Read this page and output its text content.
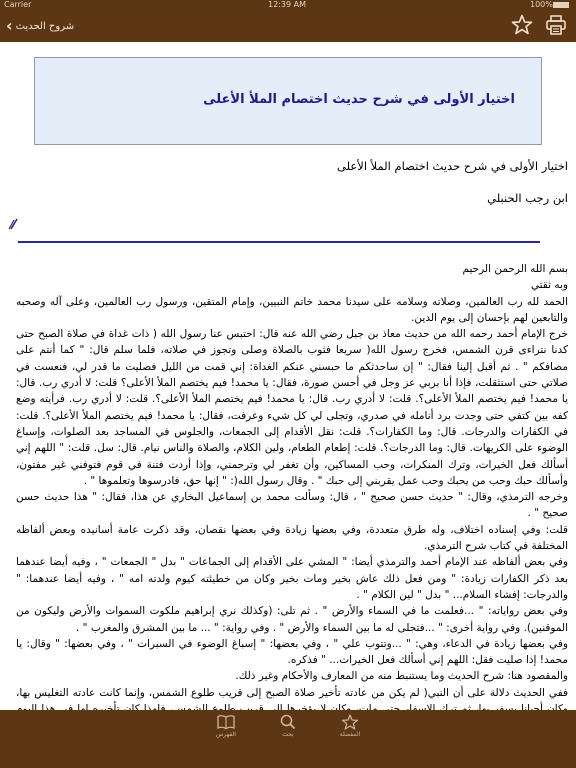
Carrier	12:39 AM	100%
‹ شروح الحديث
اختيار الأولى في شرح حديث اختصام الملأ الأعلى
اختيار الأولى في شرح حديث اختصام الملأ الأعلى
ابن رجب الحنبلي

بسم الله الرحمن الرحيم

وبه ثقتي

الحمد لله رب العالمين، وصلاته وسلامه على سيدنا محمد خاتم النبيين، وإمام المتقين، ورسول رب العالمين، وعلى آله وصحبه والتابعين لهم بإحسان إلى يوم الدين.

خرج الإمام أحمد رحمه الله من حديث معاذ بن جبل رضي الله عنه قال: احتبس عنا رسول الله ( ذات غداة في صلاة الصبح حتى كدنا نتراءى قرن الشمس، فخرج رسول الله( سريعا فثوب بالصلاة وصلى وتجوز في صلاته، فلما سلم قال: " كما أنتم على مصافكم " . ثم أقبل إلينا فقال: " إن ساحدثكم ما حبسني عنكم الغداة: إني قمت من الليل فصليت ما قدر لي، فنعست في صلاتي حتى استثقلت، فإذا أنا بربي عز وجل في أحسن صورة، فقال: يا محمد! فيم يختصم الملأ الأعلى؟ قلت: لا أدري رب. قال: يا محمد! فيم يختصم الملأ الأعلى؟. قلت: لا أدري رب. قال: يا محمد! فيم يختصم الملأ الأعلى؟. قلت: لا أدري رب. فرأيته وضع كفه بين كتفي حتى وجدت برد أنامله في صدري، وتجلى لي كل شيء وعرفت، فقال: يا محمد! فيم يختصم الملأ الأعلى؟. قلت: في الكفارات والدرجات. قال: وما الكفارات؟. قلت: نقل الأقدام إلى الجمعات، والجلوس في المساجد بعد الصلوات، وإسباغ الوضوء على الكريهات. قال: وما الدرجات؟. قلت: إطعام الطعام، ولين الكلام، والصلاة والناس نيام. قال: سل. قلت: " اللهم إني أسألك فعل الخيرات، وترك المنكرات، وحب المساكين، وأن تغفر لي وترحمني، وإذا أردت فتنة في قوم فتوفني غير مفتون، وأسألك حبك وحب من يحبك وحب عمل يقربني إلى حبك " . وقال رسول الله(: " إنها حق، فادرسوها وتعلموها " .

وخرجه الترمذي، وقال: " حديث حسن صحيح " ، قال: وسألت محمد بن إسماعيل البخاري عن هذا، فقال: " هذا حديث حسن صحيح " .

قلت: وفي إسناده اختلاف، وله طرق متعددة، وفي بعضها زيادة وفي بعضها نقصان، وقد ذكرت عامة أسانيده وبعض ألفاظه المختلفة في كتاب شرح الترمذي.

وفي بعض ألفاظه عند الإمام أحمد والترمذي أيضا: " المشي على الأقدام إلى الجماعات " بدل " الجمعات " ، وفيه أيضا عندهما بعد ذكر الكفارات زيادة: " ومن فعل ذلك عاش بخير ومات بخير وكان من خطيئته كيوم ولدته امه " ، وفيه أيضا عندهما: " والدرجات: إفشاء السلام... " بدل " لين الكلام " .

وفي بعض رواياته: " ...فعلمت ما في السماء والأرض " . ثم تلى: (وكذلك نري إبراهيم ملكوت السموات والأرض وليكون من الموقنين). وفي رواية أخرى: " ...فتجلى له ما بين السماء والأرض " . وفي رواية: " ... ما بين المشرق والمغرب " .

وفي بعضها زيادة في الدعاء، وهي: " ...وتتوب علي " ، وفي بعضها: " إسباغ الوضوء في السبرات " ، وفي بعضها: " وقال: يا محمد! إذا صليت فقل: اللهم إني أسألك فعل الخيرات... " فذكره.

والمقصود هنا: شرح الحديث وما يستنبط منه من المعارف والأحكام وغير ذلك.

ففي الحديث دلالة على أن النبي( لم يكن من عادته تأخير صلاة الصبح إلى قريب طلوع الشمس، وإنما كانت عادته التغليس بها،

الفهرس	بحث	المفضلة
